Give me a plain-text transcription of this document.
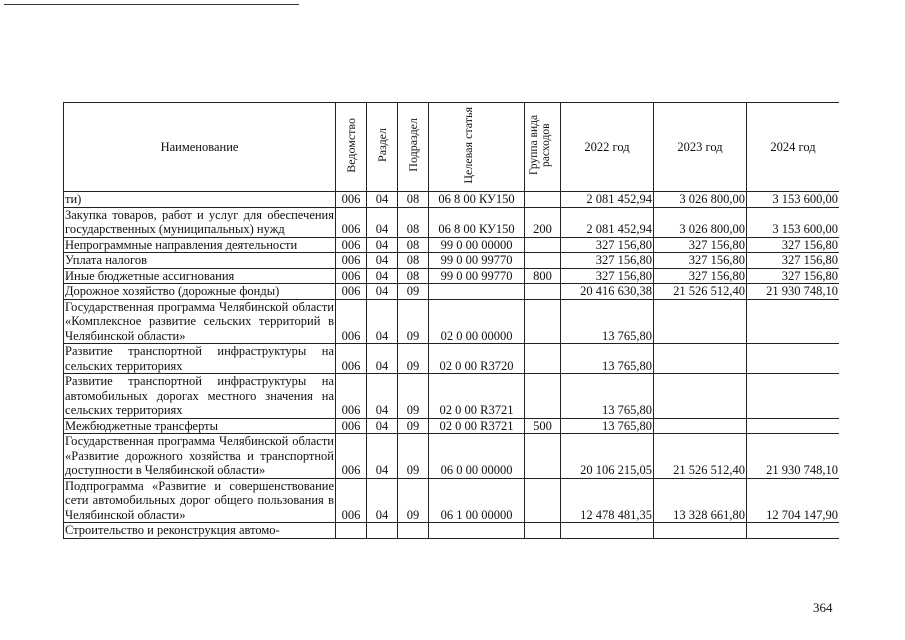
Наименование	Ведомство	Раздел	Подраздел	Целевая статья	Группа вида расходов	2022 год	2023 год	2024 год
ти)	006	04	08	06 8 00 КУ150		2 081 452,94	3 026 800,00	3 153 600,00
Закупка товаров, работ и услуг для обеспечения государственных (муниципальных) нужд	006	04	08	06 8 00 КУ150	200	2 081 452,94	3 026 800,00	3 153 600,00
Непрограммные направления деятельности	006	04	08	99 0 00 00000		327 156,80	327 156,80	327 156,80
Уплата налогов	006	04	08	99 0 00 99770		327 156,80	327 156,80	327 156,80
Иные бюджетные ассигнования	006	04	08	99 0 00 99770	800	327 156,80	327 156,80	327 156,80
Дорожное хозяйство (дорожные фонды)	006	04	09			20 416 630,38	21 526 512,40	21 930 748,10
Государственная программа Челябинской области «Комплексное развитие сельских территорий в Челябинской области»	006	04	09	02 0 00 00000		13 765,80		
Развитие транспортной инфраструктуры на сельских территориях	006	04	09	02 0 00 R3720		13 765,80		
Развитие транспортной инфраструктуры на автомобильных дорогах местного значения на сельских территориях	006	04	09	02 0 00 R3721		13 765,80		
Межбюджетные трансферты	006	04	09	02 0 00 R3721	500	13 765,80		
Государственная программа Челябинской области «Развитие дорожного хозяйства и транспортной доступности в Челябинской области»	006	04	09	06 0 00 00000		20 106 215,05	21 526 512,40	21 930 748,10
Подпрограмма «Развитие и совершенствование сети автомобильных дорог общего пользования в Челябинской области»	006	04	09	06 1 00 00000		12 478 481,35	13 328 661,80	12 704 147,90
Строительство и реконструкция автомо-								
364
